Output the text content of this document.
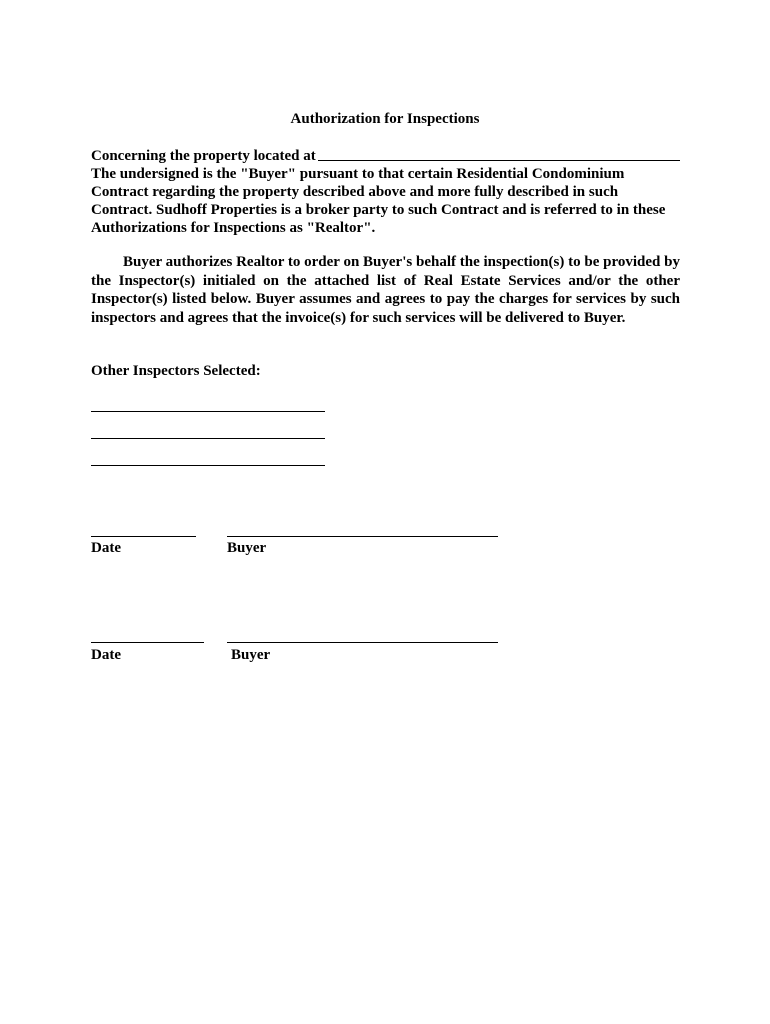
Authorization for Inspections
Concerning the property located at
The undersigned is the "Buyer" pursuant to that certain Residential Condominium
Contract regarding the property described above and more fully described in such
Contract. Sudhoff Properties is a broker party to such Contract and is referred to in these
Authorizations for Inspections as "Realtor".
Buyer authorizes Realtor to order on Buyer's behalf the inspection(s) to be provided by the Inspector(s) initialed on the attached list of Real Estate Services and/or the other Inspector(s) listed below. Buyer assumes and agrees to pay the charges for services by such inspectors and agrees that the invoice(s) for such services will be delivered to Buyer.
Other Inspectors Selected:
Date	Buyer
Date	Buyer
